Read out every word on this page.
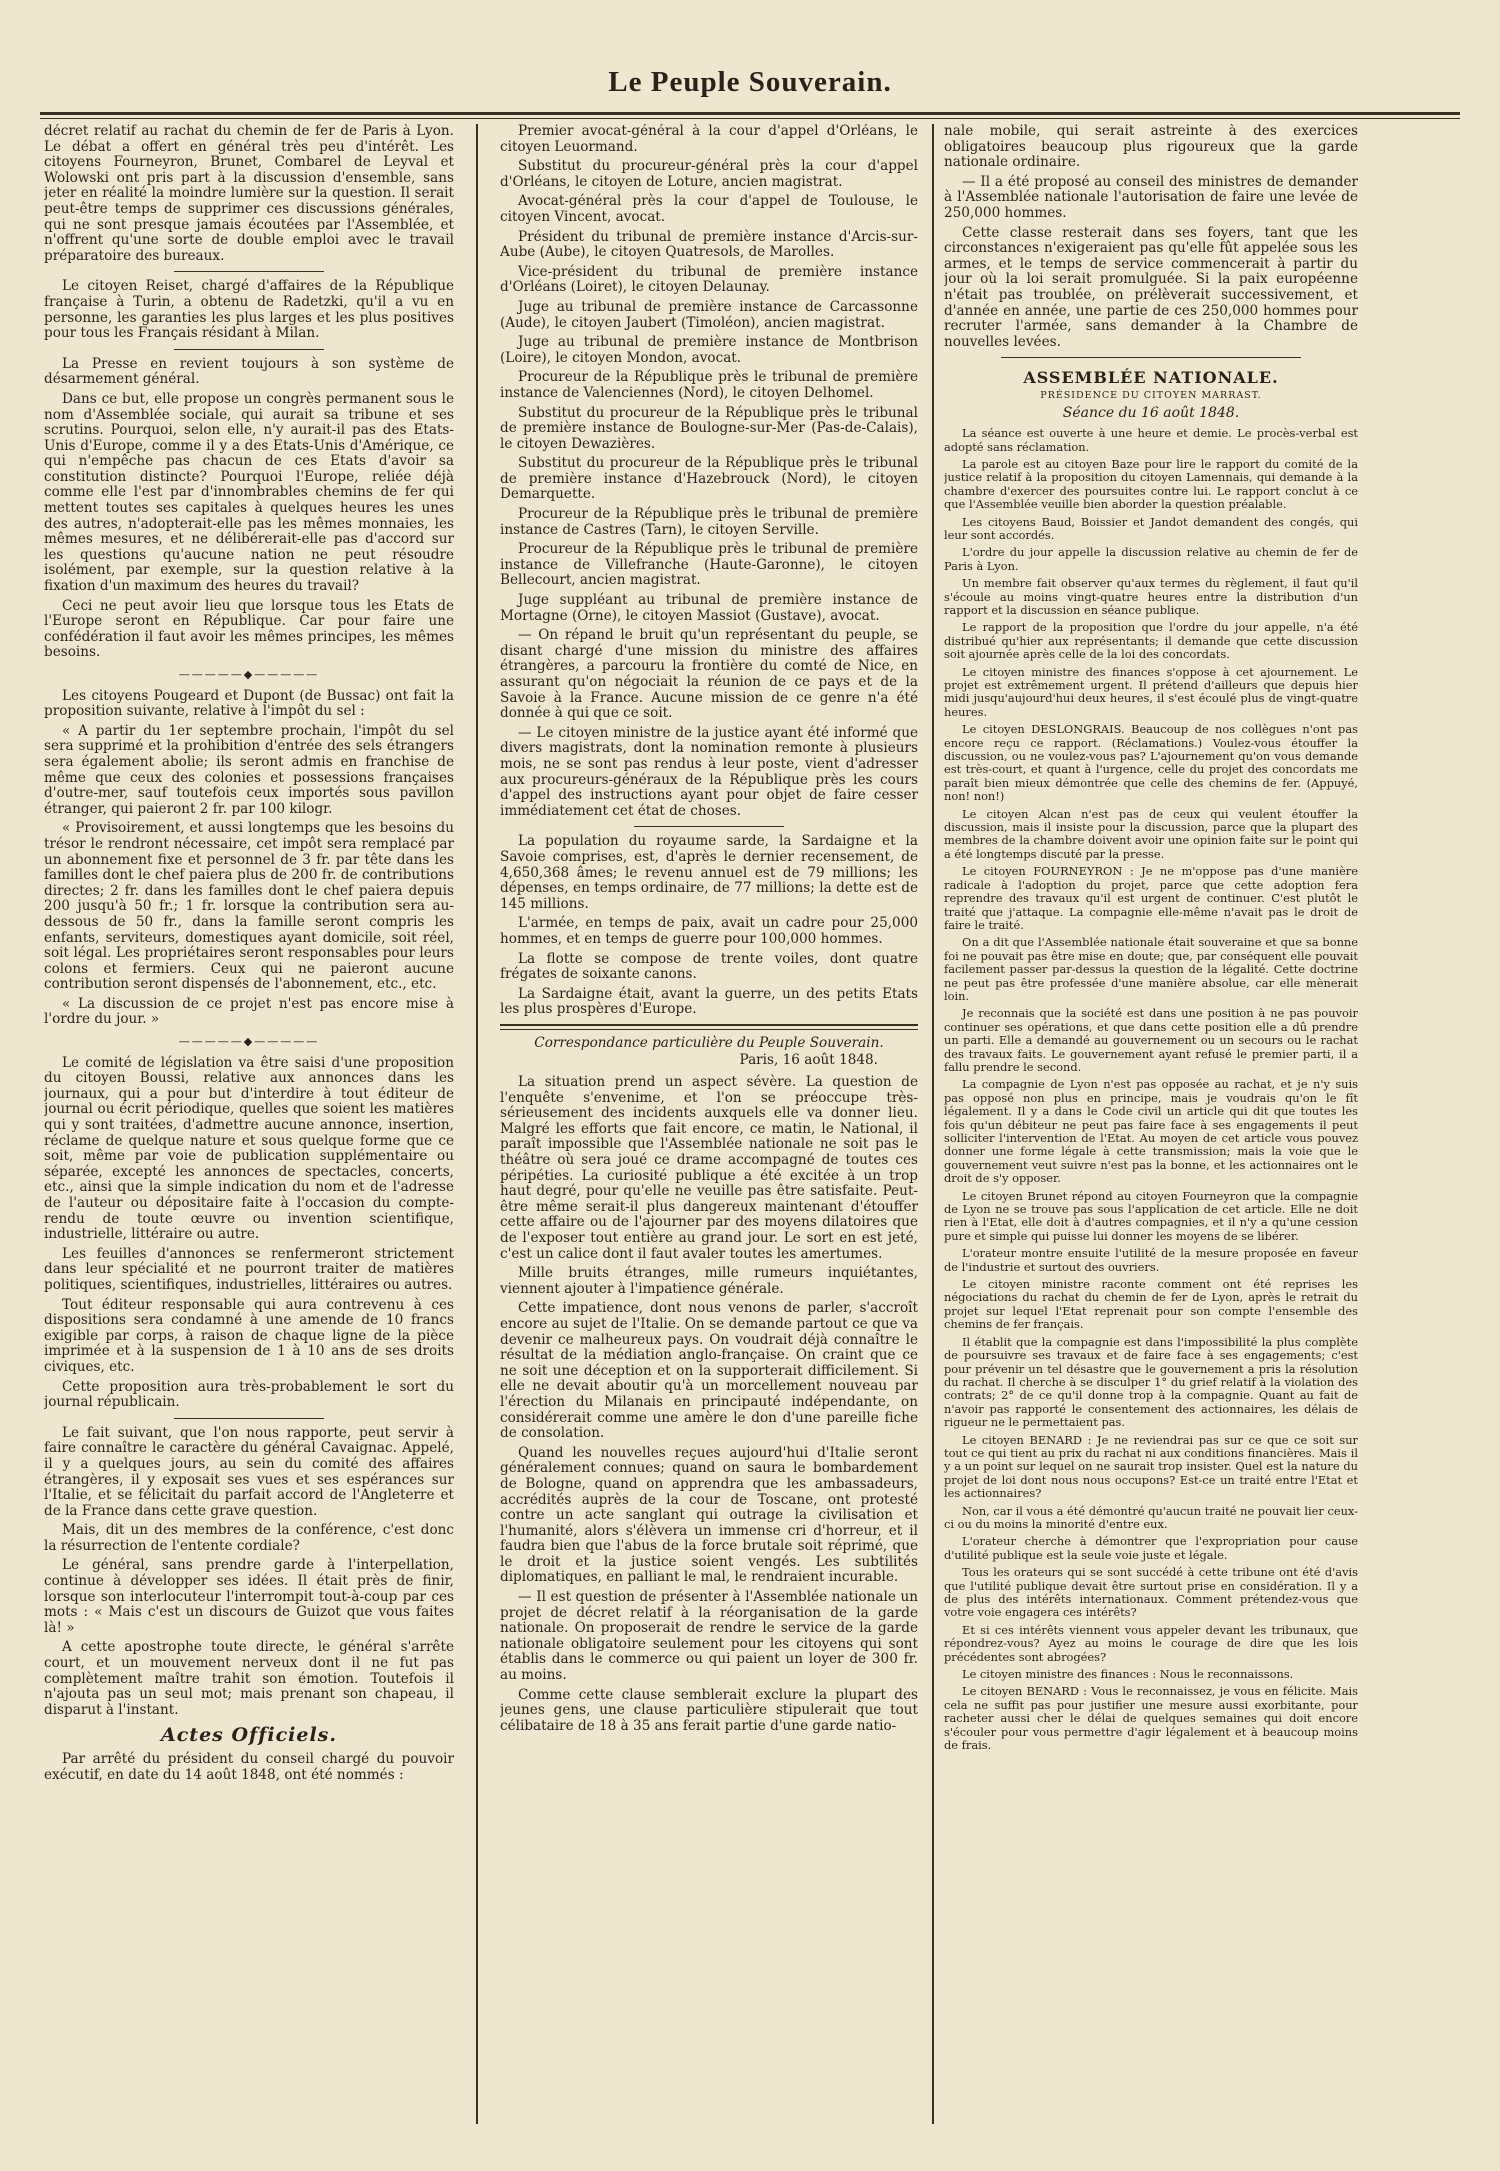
Le Peuple Souverain.

décret relatif au rachat du chemin de fer de Paris à Lyon. Le débat a offert en général très peu d'intérêt. Les citoyens Fourneyron, Brunet, Combarel de Leyval et Wolowski ont pris part à la discussion d'ensemble, sans jeter en réalité la moindre lumière sur la question. Il serait peut-être temps de supprimer ces discussions générales, qui ne sont presque jamais écoutées par l'Assemblée, et n'offrent qu'une sorte de double emploi avec le travail préparatoire des bureaux.

Le citoyen Reiset, chargé d'affaires de la République française à Turin, a obtenu de Radetzki, qu'il a vu en personne, les garanties les plus larges et les plus positives pour tous les Français résidant à Milan.

La Presse en revient toujours à son système de désarmement général.

Dans ce but, elle propose un congrès permanent sous le nom d'Assemblée sociale, qui aurait sa tribune et ses scrutins. Pourquoi, selon elle, n'y aurait-il pas des Etats-Unis d'Europe, comme il y a des Etats-Unis d'Amérique, ce qui n'empêche pas chacun de ces Etats d'avoir sa constitution distincte? Pourquoi l'Europe, reliée déjà comme elle l'est par d'innombrables chemins de fer qui mettent toutes ses capitales à quelques heures les unes des autres, n'adopterait-elle pas les mêmes monnaies, les mêmes mesures, et ne délibérerait-elle pas d'accord sur les questions qu'aucune nation ne peut résoudre isolément, par exemple, sur la question relative à la fixation d'un maximum des heures du travail?

Ceci ne peut avoir lieu que lorsque tous les Etats de l'Europe seront en République. Car pour faire une confédération il faut avoir les mêmes principes, les mêmes besoins.

—————◆—————

Les citoyens Pougeard et Dupont (de Bussac) ont fait la proposition suivante, relative à l'impôt du sel :

« A partir du 1er septembre prochain, l'impôt du sel sera supprimé et la prohibition d'entrée des sels étrangers sera également abolie; ils seront admis en franchise de même que ceux des colonies et possessions françaises d'outre-mer, sauf toutefois ceux importés sous pavillon étranger, qui paieront 2 fr. par 100 kilogr.

« Provisoirement, et aussi longtemps que les besoins du trésor le rendront nécessaire, cet impôt sera remplacé par un abonnement fixe et personnel de 3 fr. par tête dans les familles dont le chef paiera plus de 200 fr. de contributions directes; 2 fr. dans les familles dont le chef paiera depuis 200 jusqu'à 50 fr.; 1 fr. lorsque la contribution sera au-dessous de 50 fr., dans la famille seront compris les enfants, serviteurs, domestiques ayant domicile, soit réel, soit légal. Les propriétaires seront responsables pour leurs colons et fermiers. Ceux qui ne paieront aucune contribution seront dispensés de l'abonnement, etc., etc.

« La discussion de ce projet n'est pas encore mise à l'ordre du jour. »

—————◆—————

Le comité de législation va être saisi d'une proposition du citoyen Boussi, relative aux annonces dans les journaux, qui a pour but d'interdire à tout éditeur de journal ou écrit périodique, quelles que soient les matières qui y sont traitées, d'admettre aucune annonce, insertion, réclame de quelque nature et sous quelque forme que ce soit, même par voie de publication supplémentaire ou séparée, excepté les annonces de spectacles, concerts, etc., ainsi que la simple indication du nom et de l'adresse de l'auteur ou dépositaire faite à l'occasion du compte-rendu de toute œuvre ou invention scientifique, industrielle, littéraire ou autre.

Les feuilles d'annonces se renfermeront strictement dans leur spécialité et ne pourront traiter de matières politiques, scientifiques, industrielles, littéraires ou autres.

Tout éditeur responsable qui aura contrevenu à ces dispositions sera condamné à une amende de 10 francs exigible par corps, à raison de chaque ligne de la pièce imprimée et à la suspension de 1 à 10 ans de ses droits civiques, etc.

Cette proposition aura très-probablement le sort du journal républicain.

Le fait suivant, que l'on nous rapporte, peut servir à faire connaître le caractère du général Cavaignac. Appelé, il y a quelques jours, au sein du comité des affaires étrangères, il y exposait ses vues et ses espérances sur l'Italie, et se félicitait du parfait accord de l'Angleterre et de la France dans cette grave question.

Mais, dit un des membres de la conférence, c'est donc la résurrection de l'entente cordiale?

Le général, sans prendre garde à l'interpellation, continue à développer ses idées. Il était près de finir, lorsque son interlocuteur l'interrompit tout-à-coup par ces mots : « Mais c'est un discours de Guizot que vous faites là! »

A cette apostrophe toute directe, le général s'arrête court, et un mouvement nerveux dont il ne fut pas complètement maître trahit son émotion. Toutefois il n'ajouta pas un seul mot; mais prenant son chapeau, il disparut à l'instant.

Actes Officiels.

Par arrêté du président du conseil chargé du pouvoir exécutif, en date du 14 août 1848, ont été nommés :

Premier avocat-général à la cour d'appel d'Orléans, le citoyen Leuormand.

Substitut du procureur-général près la cour d'appel d'Orléans, le citoyen de Loture, ancien magistrat.

Avocat-général près la cour d'appel de Toulouse, le citoyen Vincent, avocat.

Président du tribunal de première instance d'Arcis-sur-Aube (Aube), le citoyen Quatresols, de Marolles.

Vice-président du tribunal de première instance d'Orléans (Loiret), le citoyen Delaunay.

Juge au tribunal de première instance de Carcassonne (Aude), le citoyen Jaubert (Timoléon), ancien magistrat.

Juge au tribunal de première instance de Montbrison (Loire), le citoyen Mondon, avocat.

Procureur de la République près le tribunal de première instance de Valenciennes (Nord), le citoyen Delhomel.

Substitut du procureur de la République près le tribunal de première instance de Boulogne-sur-Mer (Pas-de-Calais), le citoyen Dewazières.

Substitut du procureur de la République près le tribunal de première instance d'Hazebrouck (Nord), le citoyen Demarquette.

Procureur de la République près le tribunal de première instance de Castres (Tarn), le citoyen Serville.

Procureur de la République près le tribunal de première instance de Villefranche (Haute-Garonne), le citoyen Bellecourt, ancien magistrat.

Juge suppléant au tribunal de première instance de Mortagne (Orne), le citoyen Massiot (Gustave), avocat.

— On répand le bruit qu'un représentant du peuple, se disant chargé d'une mission du ministre des affaires étrangères, a parcouru la frontière du comté de Nice, en assurant qu'on négociait la réunion de ce pays et de la Savoie à la France. Aucune mission de ce genre n'a été donnée à qui que ce soit.

— Le citoyen ministre de la justice ayant été informé que divers magistrats, dont la nomination remonte à plusieurs mois, ne se sont pas rendus à leur poste, vient d'adresser aux procureurs-généraux de la République près les cours d'appel des instructions ayant pour objet de faire cesser immédiatement cet état de choses.

La population du royaume sarde, la Sardaigne et la Savoie comprises, est, d'après le dernier recensement, de 4,650,368 âmes; le revenu annuel est de 79 millions; les dépenses, en temps ordinaire, de 77 millions; la dette est de 145 millions.

L'armée, en temps de paix, avait un cadre pour 25,000 hommes, et en temps de guerre pour 100,000 hommes.

La flotte se compose de trente voiles, dont quatre frégates de soixante canons.

La Sardaigne était, avant la guerre, un des petits Etats les plus prospères d'Europe.

Correspondance particulière du Peuple Souverain.
Paris, 16 août 1848.

La situation prend un aspect sévère. La question de l'enquête s'envenime, et l'on se préoccupe très-sérieusement des incidents auxquels elle va donner lieu. Malgré les efforts que fait encore, ce matin, le National, il paraît impossible que l'Assemblée nationale ne soit pas le théâtre où sera joué ce drame accompagné de toutes ces péripéties. La curiosité publique a été excitée à un trop haut degré, pour qu'elle ne veuille pas être satisfaite. Peut-être même serait-il plus dangereux maintenant d'étouffer cette affaire ou de l'ajourner par des moyens dilatoires que de l'exposer tout entière au grand jour. Le sort en est jeté, c'est un calice dont il faut avaler toutes les amertumes.

Mille bruits étranges, mille rumeurs inquiétantes, viennent ajouter à l'impatience générale.

Cette impatience, dont nous venons de parler, s'accroît encore au sujet de l'Italie. On se demande partout ce que va devenir ce malheureux pays. On voudrait déjà connaître le résultat de la médiation anglo-française. On craint que ce ne soit une déception et on la supporterait difficilement. Si elle ne devait aboutir qu'à un morcellement nouveau par l'érection du Milanais en principauté indépendante, on considérerait comme une amère le don d'une pareille fiche de consolation.

Quand les nouvelles reçues aujourd'hui d'Italie seront généralement connues; quand on saura le bombardement de Bologne, quand on apprendra que les ambassadeurs, accrédités auprès de la cour de Toscane, ont protesté contre un acte sanglant qui outrage la civilisation et l'humanité, alors s'élèvera un immense cri d'horreur, et il faudra bien que l'abus de la force brutale soit réprimé, que le droit et la justice soient vengés. Les subtilités diplomatiques, en palliant le mal, le rendraient incurable.

— Il est question de présenter à l'Assemblée nationale un projet de décret relatif à la réorganisation de la garde nationale. On proposerait de rendre le service de la garde nationale obligatoire seulement pour les citoyens qui sont établis dans le commerce ou qui paient un loyer de 300 fr. au moins.

Comme cette clause semblerait exclure la plupart des jeunes gens, une clause particulière stipulerait que tout célibataire de 18 à 35 ans ferait partie d'une garde natio-

nale mobile, qui serait astreinte à des exercices obligatoires beaucoup plus rigoureux que la garde nationale ordinaire.

— Il a été proposé au conseil des ministres de demander à l'Assemblée nationale l'autorisation de faire une levée de 250,000 hommes.

Cette classe resterait dans ses foyers, tant que les circonstances n'exigeraient pas qu'elle fût appelée sous les armes, et le temps de service commencerait à partir du jour où la loi serait promulguée. Si la paix européenne n'était pas troublée, on prélèverait successivement, et d'année en année, une partie de ces 250,000 hommes pour recruter l'armée, sans demander à la Chambre de nouvelles levées.

ASSEMBLÉE NATIONALE.
PRÉSIDENCE DU CITOYEN MARRAST.
Séance du 16 août 1848.

La séance est ouverte à une heure et demie. Le procès-verbal est adopté sans réclamation.

La parole est au citoyen Baze pour lire le rapport du comité de la justice relatif à la proposition du citoyen Lamennais, qui demande à la chambre d'exercer des poursuites contre lui. Le rapport conclut à ce que l'Assemblée veuille bien aborder la question préalable.

Les citoyens Baud, Boissier et Jandot demandent des congés, qui leur sont accordés.

L'ordre du jour appelle la discussion relative au chemin de fer de Paris à Lyon.

Un membre fait observer qu'aux termes du règlement, il faut qu'il s'écoule au moins vingt-quatre heures entre la distribution d'un rapport et la discussion en séance publique.

Le rapport de la proposition que l'ordre du jour appelle, n'a été distribué qu'hier aux représentants; il demande que cette discussion soit ajournée après celle de la loi des concordats.

Le citoyen ministre des finances s'oppose à cet ajournement. Le projet est extrêmement urgent. Il prétend d'ailleurs que depuis hier midi jusqu'aujourd'hui deux heures, il s'est écoulé plus de vingt-quatre heures.

Le citoyen DESLONGRAIS. Beaucoup de nos collègues n'ont pas encore reçu ce rapport. (Réclamations.) Voulez-vous étouffer la discussion, ou ne voulez-vous pas? L'ajournement qu'on vous demande est très-court, et quant à l'urgence, celle du projet des concordats me paraît bien mieux démontrée que celle des chemins de fer. (Appuyé, non! non!)

Le citoyen Alcan n'est pas de ceux qui veulent étouffer la discussion, mais il insiste pour la discussion, parce que la plupart des membres de la chambre doivent avoir une opinion faite sur le point qui a été longtemps discuté par la presse.

Le citoyen FOURNEYRON : Je ne m'oppose pas d'une manière radicale à l'adoption du projet, parce que cette adoption fera reprendre des travaux qu'il est urgent de continuer. C'est plutôt le traité que j'attaque. La compagnie elle-même n'avait pas le droit de faire le traité.

On a dit que l'Assemblée nationale était souveraine et que sa bonne foi ne pouvait pas être mise en doute; que, par conséquent elle pouvait facilement passer par-dessus la question de la légalité. Cette doctrine ne peut pas être professée d'une manière absolue, car elle mènerait loin.

Je reconnais que la société est dans une position à ne pas pouvoir continuer ses opérations, et que dans cette position elle a dû prendre un parti. Elle a demandé au gouvernement ou un secours ou le rachat des travaux faits. Le gouvernement ayant refusé le premier parti, il a fallu prendre le second.

La compagnie de Lyon n'est pas opposée au rachat, et je n'y suis pas opposé non plus en principe, mais je voudrais qu'on le fît légalement. Il y a dans le Code civil un article qui dit que toutes les fois qu'un débiteur ne peut pas faire face à ses engagements il peut solliciter l'intervention de l'Etat. Au moyen de cet article vous pouvez donner une forme légale à cette transmission; mais la voie que le gouvernement veut suivre n'est pas la bonne, et les actionnaires ont le droit de s'y opposer.

Le citoyen Brunet répond au citoyen Fourneyron que la compagnie de Lyon ne se trouve pas sous l'application de cet article. Elle ne doit rien à l'Etat, elle doit à d'autres compagnies, et il n'y a qu'une cession pure et simple qui puisse lui donner les moyens de se libérer.

L'orateur montre ensuite l'utilité de la mesure proposée en faveur de l'industrie et surtout des ouvriers.

Le citoyen ministre raconte comment ont été reprises les négociations du rachat du chemin de fer de Lyon, après le retrait du projet sur lequel l'Etat reprenait pour son compte l'ensemble des chemins de fer français.

Il établit que la compagnie est dans l'impossibilité la plus complète de poursuivre ses travaux et de faire face à ses engagements; c'est pour prévenir un tel désastre que le gouvernement a pris la résolution du rachat. Il cherche à se disculper 1° du grief relatif à la violation des contrats; 2° de ce qu'il donne trop à la compagnie. Quant au fait de n'avoir pas rapporté le consentement des actionnaires, les délais de rigueur ne le permettaient pas.

Le citoyen BENARD : Je ne reviendrai pas sur ce que ce soit sur tout ce qui tient au prix du rachat ni aux conditions financières. Mais il y a un point sur lequel on ne saurait trop insister. Quel est la nature du projet de loi dont nous nous occupons? Est-ce un traité entre l'Etat et les actionnaires?

Non, car il vous a été démontré qu'aucun traité ne pouvait lier ceux-ci ou du moins la minorité d'entre eux.

L'orateur cherche à démontrer que l'expropriation pour cause d'utilité publique est la seule voie juste et légale.

Tous les orateurs qui se sont succédé à cette tribune ont été d'avis que l'utilité publique devait être surtout prise en considération. Il y a de plus des intérêts internationaux. Comment prétendez-vous que votre voie engagera ces intérêts?

Et si ces intérêts viennent vous appeler devant les tribunaux, que répondrez-vous? Ayez au moins le courage de dire que les lois précédentes sont abrogées?

Le citoyen ministre des finances : Nous le reconnaissons.

Le citoyen BENARD : Vous le reconnaissez, je vous en félicite. Mais cela ne suffit pas pour justifier une mesure aussi exorbitante, pour racheter aussi cher le délai de quelques semaines qui doit encore s'écouler pour vous permettre d'agir légalement et à beaucoup moins de frais.
